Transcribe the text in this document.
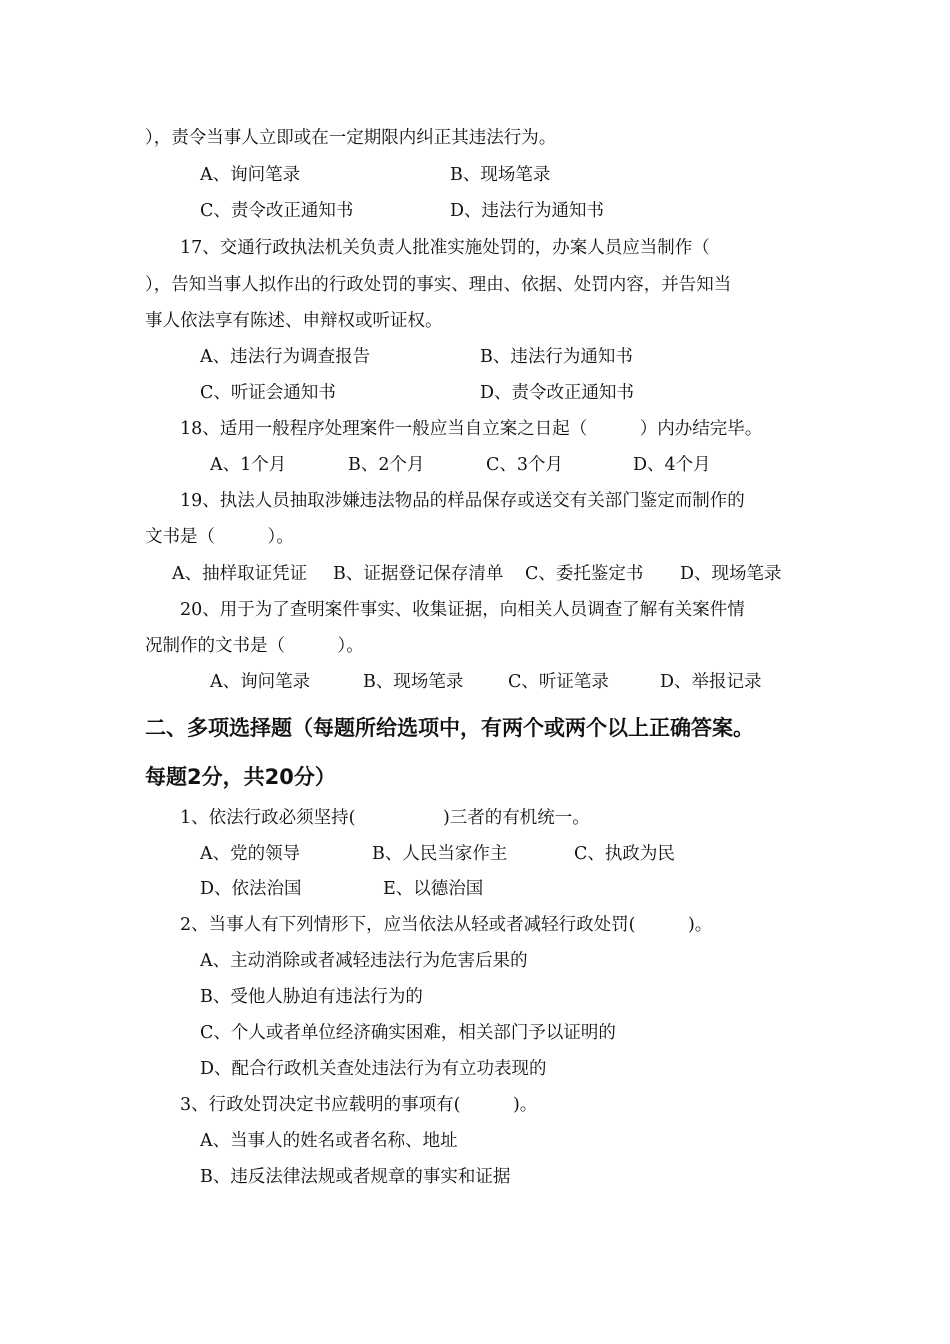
），责令当事人立即或在一定期限内纠正其违法行为。
A、询问笔录	B、现场笔录
C、责令改正通知书	D、违法行为通知书
17、交通行政执法机关负责人批准实施处罚的，办案人员应当制作（
），告知当事人拟作出的行政处罚的事实、理由、依据、处罚内容，并告知当
事人依法享有陈述、申辩权或听证权。
A、违法行为调查报告	B、违法行为通知书
C、听证会通知书	D、责令改正通知书
18、适用一般程序处理案件一般应当自立案之日起（　　　）内办结完毕。
A、1个月	B、2个月	C、3个月	D、4个月
19、执法人员抽取涉嫌违法物品的样品保存或送交有关部门鉴定而制作的
文书是（　　　）。
A、抽样取证凭证 B、证据登记保存清单 C、委托鉴定书 D、现场笔录
20、用于为了查明案件事实、收集证据，向相关人员调查了解有关案件情
况制作的文书是（　　　）。
A、询问笔录	B、现场笔录	C、听证笔录	D、举报记录
二、多项选择题（每题所给选项中，有两个或两个以上正确答案。
每题2分，共20分）
1、依法行政必须坚持(　　　　　)三者的有机统一。
A、党的领导	B、人民当家作主	C、执政为民
D、依法治国	E、以德治国
2、当事人有下列情形下，应当依法从轻或者减轻行政处罚(　　　)。
A、主动消除或者减轻违法行为危害后果的
B、受他人胁迫有违法行为的
C、个人或者单位经济确实困难，相关部门予以证明的
D、配合行政机关查处违法行为有立功表现的
3、行政处罚决定书应载明的事项有(　　　)。
A、当事人的姓名或者名称、地址
B、违反法律法规或者规章的事实和证据
